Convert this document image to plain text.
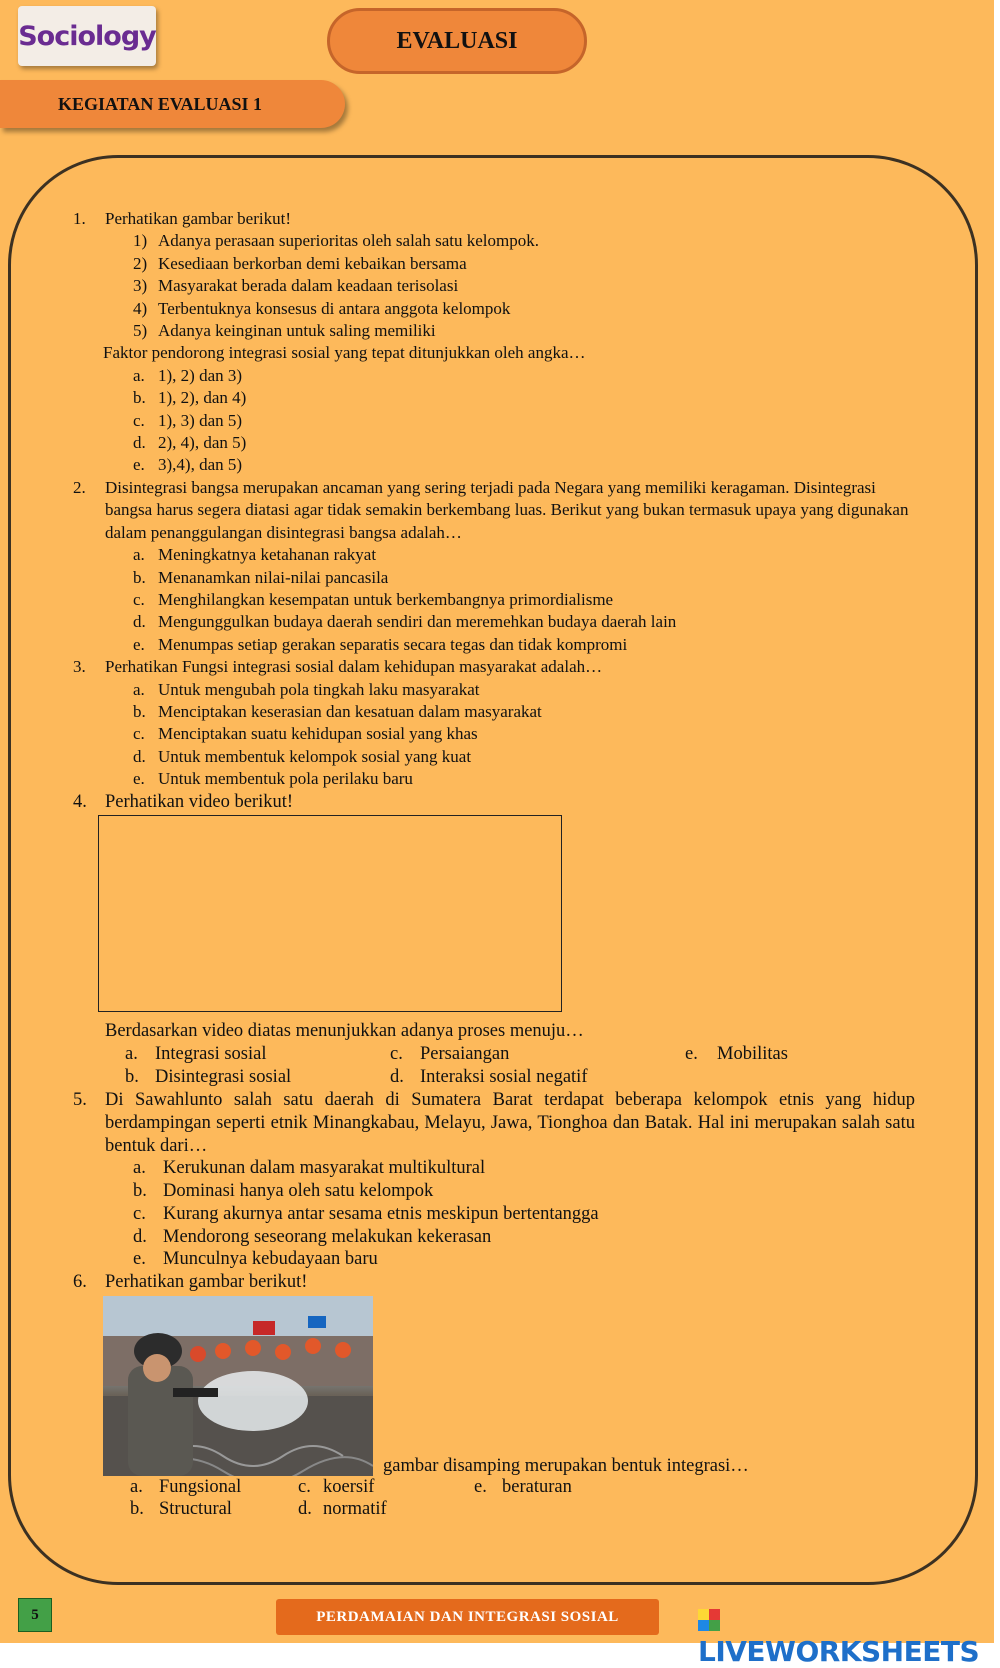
Sociology	EVALUASI
KEGIATAN EVALUASI 1
1. Perhatikan gambar berikut!
1) Adanya perasaan superioritas oleh salah satu kelompok.
2) Kesediaan berkorban demi kebaikan bersama
3) Masyarakat berada dalam keadaan terisolasi
4) Terbentuknya konsesus di antara anggota kelompok
5) Adanya keinginan untuk saling memiliki
Faktor pendorong integrasi sosial yang tepat ditunjukkan oleh angka…
a. 1), 2) dan 3)
b. 1), 2), dan 4)
c. 1), 3) dan 5)
d. 2), 4), dan 5)
e. 3),4), dan 5)
2. Disintegrasi bangsa merupakan ancaman yang sering terjadi pada Negara yang memiliki keragaman. Disintegrasi bangsa harus segera diatasi agar tidak semakin berkembang luas. Berikut yang bukan termasuk upaya yang digunakan dalam penanggulangan disintegrasi bangsa adalah…
a. Meningkatnya ketahanan rakyat
b. Menanamkan nilai-nilai pancasila
c. Menghilangkan kesempatan untuk berkembangnya primordialisme
d. Mengunggulkan budaya daerah sendiri dan meremehkan budaya daerah lain
e. Menumpas setiap gerakan separatis secara tegas dan tidak kompromi
3. Perhatikan Fungsi integrasi sosial dalam kehidupan masyarakat adalah…
a. Untuk mengubah pola tingkah laku masyarakat
b. Menciptakan keserasian dan kesatuan dalam masyarakat
c. Menciptakan suatu kehidupan sosial yang khas
d. Untuk membentuk kelompok sosial yang kuat
e. Untuk membentuk pola perilaku baru
4. Perhatikan video berikut!
Berdasarkan video diatas menunjukkan adanya proses menuju…
a. Integrasi sosial
b. Disintegrasi sosial
c. Persaiangan
d. Interaksi sosial negatif
e. Mobilitas
5. Di Sawahlunto salah satu daerah di Sumatera Barat terdapat beberapa kelompok etnis yang hidup berdampingan seperti etnik Minangkabau, Melayu, Jawa, Tionghoa dan Batak. Hal ini merupakan salah satu bentuk dari…
a. Kerukunan dalam masyarakat multikultural
b. Dominasi hanya oleh satu kelompok
c. Kurang akurnya antar sesama etnis meskipun bertentangga
d. Mendorong seseorang melakukan kekerasan
e. Munculnya kebudayaan baru
6. Perhatikan gambar berikut!
gambar disamping merupakan bentuk integrasi…
a. Fungsional
b. Structural
c. koersif
d. normatif
e. beraturan
5	PERDAMAIAN DAN INTEGRASI SOSIAL
LIVEWORKSHEETS
